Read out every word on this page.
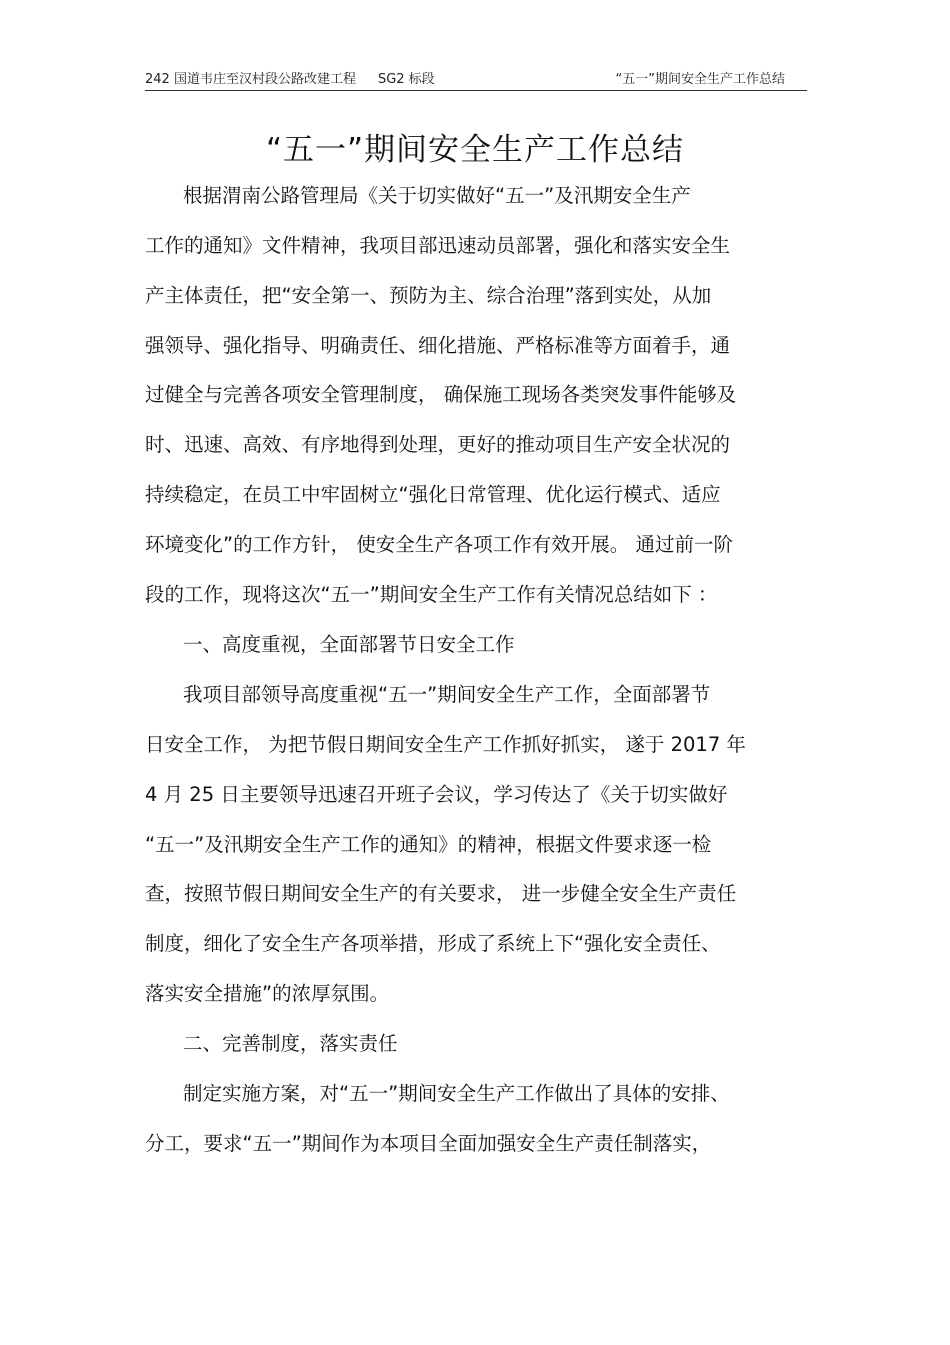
242 国道韦庄至汉村段公路改建工程 SG2 标段	“五一”期间安全生产工作总结
“五一”期间安全生产工作总结
根据渭南公路管理局《关于切实做好“五一”及汛期安全生产
工作的通知》文件精神，我项目部迅速动员部署，强化和落实安全生
产主体责任，把“安全第一、预防为主、综合治理”落到实处，从加
强领导、强化指导、明确责任、细化措施、严格标准等方面着手，通
过健全与完善各项安全管理制度， 确保施工现场各类突发事件能够及
时、迅速、高效、有序地得到处理，更好的推动项目生产安全状况的
持续稳定，在员工中牢固树立“强化日常管理、优化运行模式、适应
环境变化”的工作方针， 使安全生产各项工作有效开展。 通过前一阶
段的工作，现将这次“五一”期间安全生产工作有关情况总结如下 ：
一、高度重视，全面部署节日安全工作
我项目部领导高度重视“五一”期间安全生产工作，全面部署节
日安全工作， 为把节假日期间安全生产工作抓好抓实， 遂于 2017 年
4 月 25 日主要领导迅速召开班子会议，学习传达了《关于切实做好
“五一”及汛期安全生产工作的通知》的精神，根据文件要求逐一检
查，按照节假日期间安全生产的有关要求， 进一步健全安全生产责任
制度，细化了安全生产各项举措，形成了系统上下“强化安全责任、
落实安全措施”的浓厚氛围。
二、完善制度，落实责任
制定实施方案，对“五一”期间安全生产工作做出了具体的安排、
分工，要求“五一”期间作为本项目全面加强安全生产责任制落实，
